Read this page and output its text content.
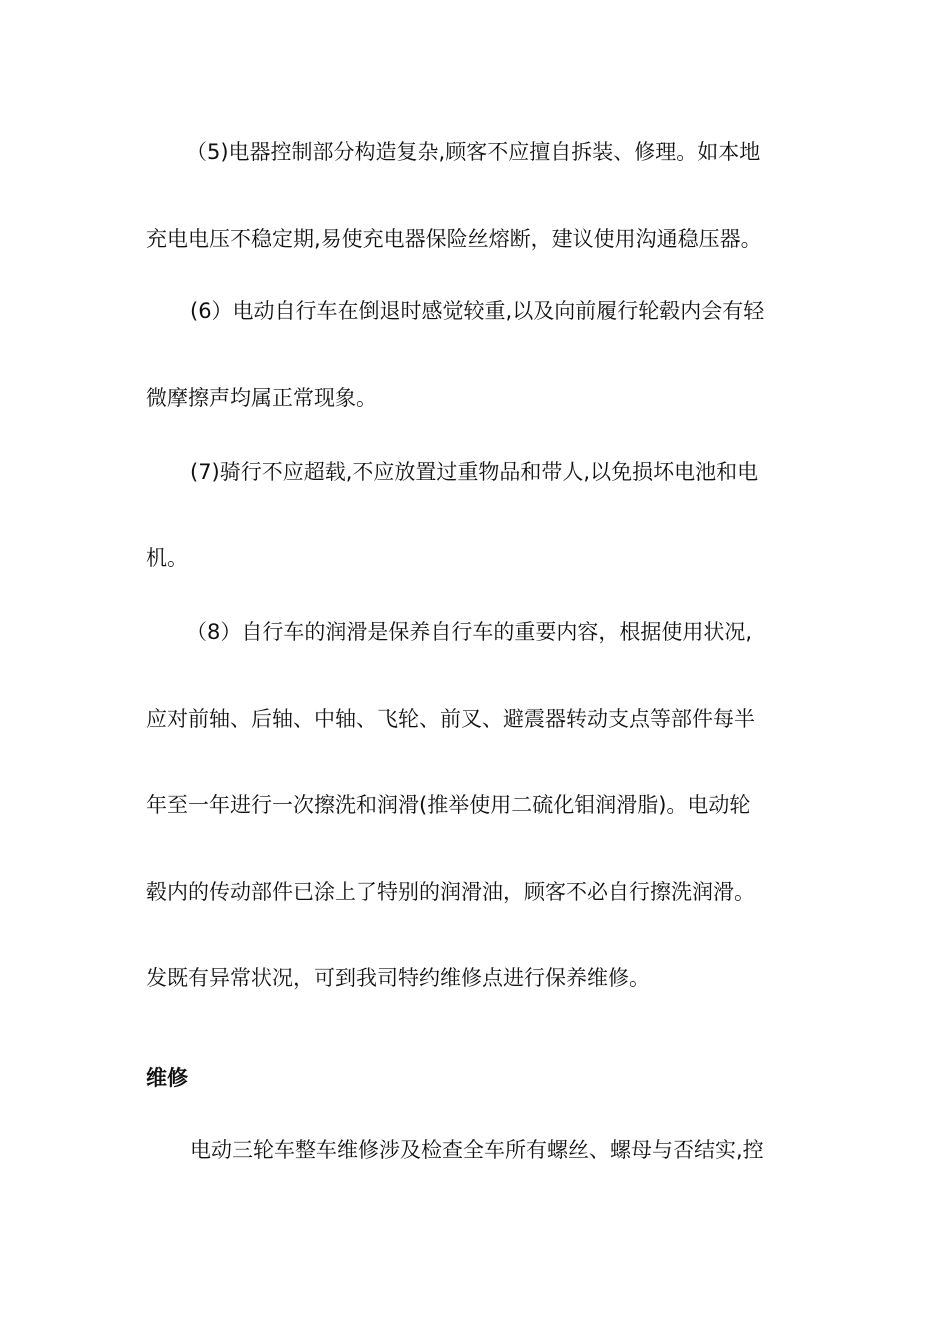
（5)电器控制部分构造复杂,顾客不应擅自拆装、修理。如本地
充电电压不稳定期,易使充电器保险丝熔断，建议使用沟通稳压器。
(6）电动自行车在倒退时感觉较重,以及向前履行轮毂内会有轻
微摩擦声均属正常现象。
(7)骑行不应超载,不应放置过重物品和带人,以免损坏电池和电
机。
（8）自行车的润滑是保养自行车的重要内容，根据使用状况,
应对前轴、后轴、中轴、飞轮、前叉、避震器转动支点等部件每半
年至一年进行一次擦洗和润滑(推举使用二硫化钼润滑脂)。电动轮
毂内的传动部件已涂上了特别的润滑油，顾客不必自行擦洗润滑。
发既有异常状况，可到我司特约维修点进行保养维修。
维修
电动三轮车整车维修涉及检查全车所有螺丝、螺母与否结实,控
